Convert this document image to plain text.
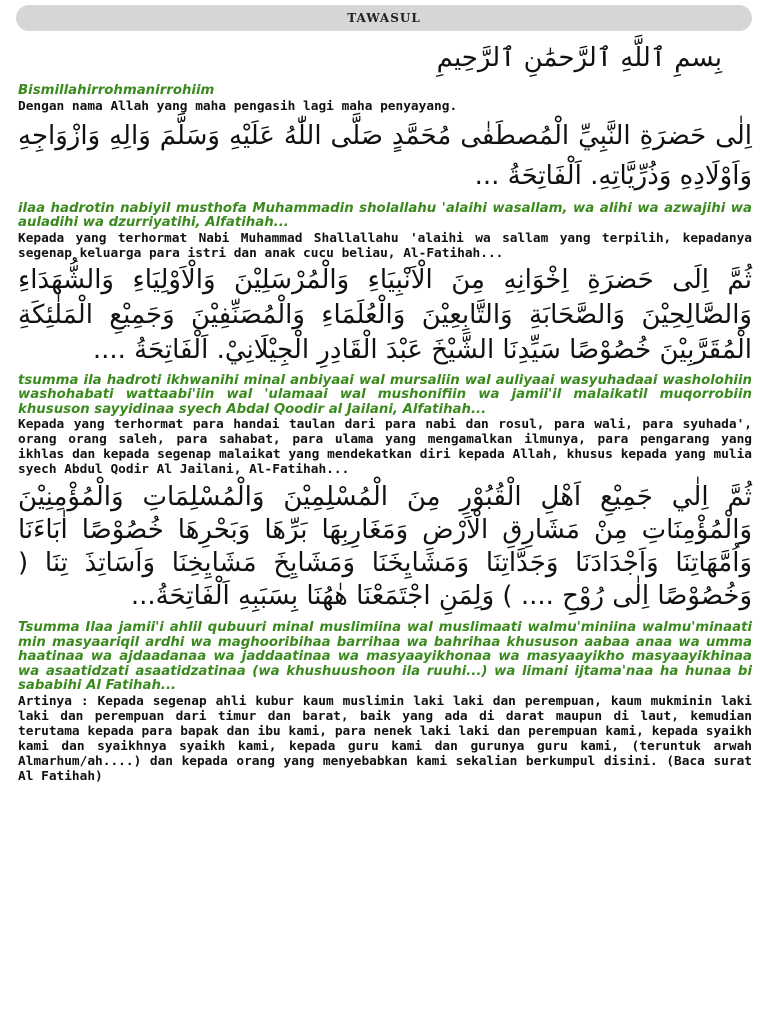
TAWASUL

بِسمِ ٱللَّهِ ٱلرَّحمَٰنِ ٱلرَّحِيمِ

Bismillahirrohmanirrohiim

Dengan nama Allah yang maha pengasih lagi maha penyayang.

اِلٰى حَضرَةِ النَّبِيِّ الْمُصطَفٰى مُحَمَّدٍ صَلَّى اللّٰهُ عَلَيْهِ وَسَلَّمَ وَالِهِ وَازْوَاجِهِ وَاَوْلَادِهِ وَذُرِّيَّاتِهِ. اَلْفَاتِحَةُ ...

ilaa hadrotin nabiyil musthofa Muhammadin sholallahu 'alaihi wasallam, wa alihi wa azwajihi wa auladihi wa dzurriyatihi, Alfatihah...

Kepada yang terhormat Nabi Muhammad Shallallahu 'alaihi wa sallam yang terpilih, kepadanya segenap keluarga para istri dan anak cucu beliau, Al-Fatihah...

ثُمَّ اِلَى حَضرَةِ اِخْوَانِهِ مِنَ الْاَنْبِيَاءِ وَالْمُرْسَلِيْنَ وَالْاَوْلِيَاءِ وَالشُّهَدَاءِ وَالصَّالِحِيْنَ وَالصَّحَابَةِ وَالتَّابِعِيْنَ وَالْعُلَمَاءِ وَالْمُصَنِّفِيْنَ وَجَمِيْعِ الْمَلٰئِكَةِ الْمُقَرَّبِيْنَ خُصُوْصًا سَيِّدِنَا الشَّيْخَ عَبْدَ الْقَادِرِ الْجِيْلَانِيْ. اَلْفَاتِحَةُ ....

tsumma ila hadroti ikhwanihi minal anbiyaai wal mursaliin wal auliyaai wasyuhadaai washolohiin washohabati wattaabi'iin wal 'ulamaai wal mushonifiin wa jamii'il malaikatil muqorrobiin khususon sayyidinaa syech Abdal Qoodir al Jailani, Alfatihah...

Kepada yang terhormat para handai taulan dari para nabi dan rosul, para wali, para syuhada', orang orang saleh, para sahabat, para ulama yang mengamalkan ilmunya, para pengarang yang ikhlas dan kepada segenap malaikat yang mendekatkan diri kepada Allah, khusus kepada yang mulia syech Abdul Qodir Al Jailani, Al-Fatihah...

ثُمَّ اِلٰي جَمِيْعِ اَهْلِ الْقُبُوْرِ مِنَ الْمُسْلِمِيْنَ وَالْمُسْلِمَاتِ وَالْمُؤْمِنِيْنَ وَالْمُؤْمِنَاتِ مِنْ مَشَارِقِ الْاَرْضِ وَمَغَارِبِهَا بَرِّهَا وَبَحْرِهَا خُصُوْصًا اٰبَاءَنَا وَاُمَّهَاتِنَا وَاَجْدَادَنَا وَجَدَّاتِنَا وَمَشَايِخَنَا وَمَشَايِخَ مَشَايِخِنَا وَاَسَاتِذَ تِنَا ( وَخُصُوْصًا اِلٰى رُوْحِ .... ) وَلِمَنِ اجْتَمَعْنَا هٰهُنَا بِسَبَبِهِ اَلْفَاتِحَةُ...

Tsumma Ilaa jamii'i ahlil qubuuri minal muslimiina wal muslimaati walmu'miniina walmu'minaati min masyaariqil ardhi wa maghooribihaa barrihaa wa bahrihaa khususon aabaa anaa wa umma haatinaa wa ajdaadanaa wa jaddaatinaa wa masyaayikhonaa wa masyaayikho masyaayikhinaa wa asaatidzati asaatidzatinaa (wa khushuushoon ila ruuhi...) wa limani ijtama'naa ha hunaa bi sababihi Al Fatihah...

Artinya : Kepada segenap ahli kubur kaum muslimin laki laki dan perempuan, kaum mukminin laki laki dan perempuan dari timur dan barat, baik yang ada di darat maupun di laut, kemudian terutama kepada para bapak dan ibu kami, para nenek laki laki dan perempuan kami, kepada syaikh kami dan syaikhnya syaikh kami, kepada guru kami dan gurunya guru kami, (teruntuk arwah Almarhum/ah....) dan kepada orang yang menyebabkan kami sekalian berkumpul disini. (Baca surat Al Fatihah)
